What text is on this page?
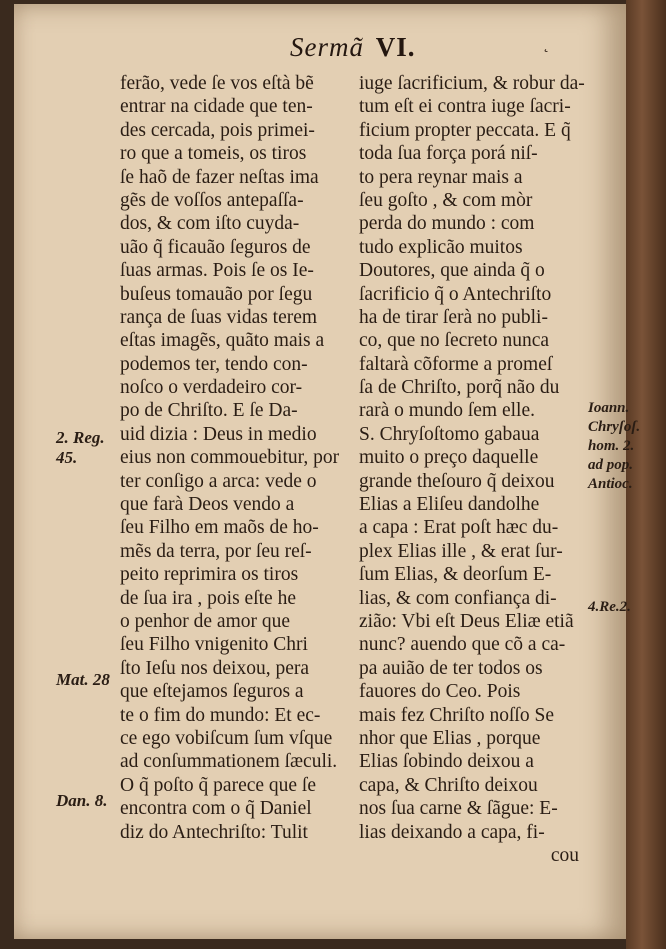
Sermã VI.	˛
ferão, vede ſe vos eſtà bẽ
entrar na cidade que ten-
des cercada, pois primei-
ro que a tomeis, os tiros
ſe haõ de fazer neſtas ima
gẽs de voſſos antepaſſa-
dos, & com iſto cuyda-
uão q̃ ficauão ſeguros de
ſuas armas. Pois ſe os Ie-
buſeus tomauão por ſegu
rança de ſuas vidas terem
eſtas imagẽs, quãto mais a
podemos ter, tendo con-
noſco o verdadeiro cor-
po de Chriſto. E ſe Da-
uid dizia : Deus in medio
eius non commouebitur, por
ter conſigo a arca: vede o
que farà Deos vendo a
ſeu Filho em maõs de ho-
mẽs da terra, por ſeu reſ-
peito reprimira os tiros
de ſua ira , pois eſte he
o penhor de amor que
ſeu Filho vnigenito Chri
ſto Ieſu nos deixou, pera
que eſtejamos ſeguros a
te o fim do mundo: Et ec-
ce ego vobiſcum ſum vſque
ad conſummationem ſæculi.
O q̃ poſto q̃ parece que ſe
encontra com o q̃ Daniel
diz do Antechriſto: Tulit
iuge ſacrificium, & robur da-
tum eſt ei contra iuge ſacri-
ficium propter peccata. E q̃
toda ſua força porá niſ-
to pera reynar mais a
ſeu goſto , & com mòr
perda do mundo : com
tudo explicão muitos
Doutores, que ainda q̃ o
ſacrificio q̃ o Antechriſto
ha de tirar ſerà no publi-
co, que no ſecreto nunca
faltarà cõforme a promeſ
ſa de Chriſto, porq̃ não du
rarà o mundo ſem elle.
S. Chryſoſtomo gabaua
muito o preço daquelle
grande theſouro q̃ deixou
Elias a Eliſeu dandolhe
a capa : Erat poſt hæc du-
plex Elias ille , & erat ſur-
ſum Elias, & deorſum E-
lias, & com confiança di-
zião: Vbi eſt Deus Eliæ etiã
nunc? auendo que cõ a ca-
pa auião de ter todos os
fauores do Ceo. Pois
mais fez Chriſto noſſo Se
nhor que Elias , porque
Elias ſobindo deixou a
capa, & Chriſto deixou
nos ſua carne & ſãgue: E-
lias deixando a capa, fi-
cou
2. Reg.
45.
Mat. 28
Dan. 8.
Ioann.
Chryſoſ.
hom. 2.
ad pop.
Antioc.
4.Re.2.
